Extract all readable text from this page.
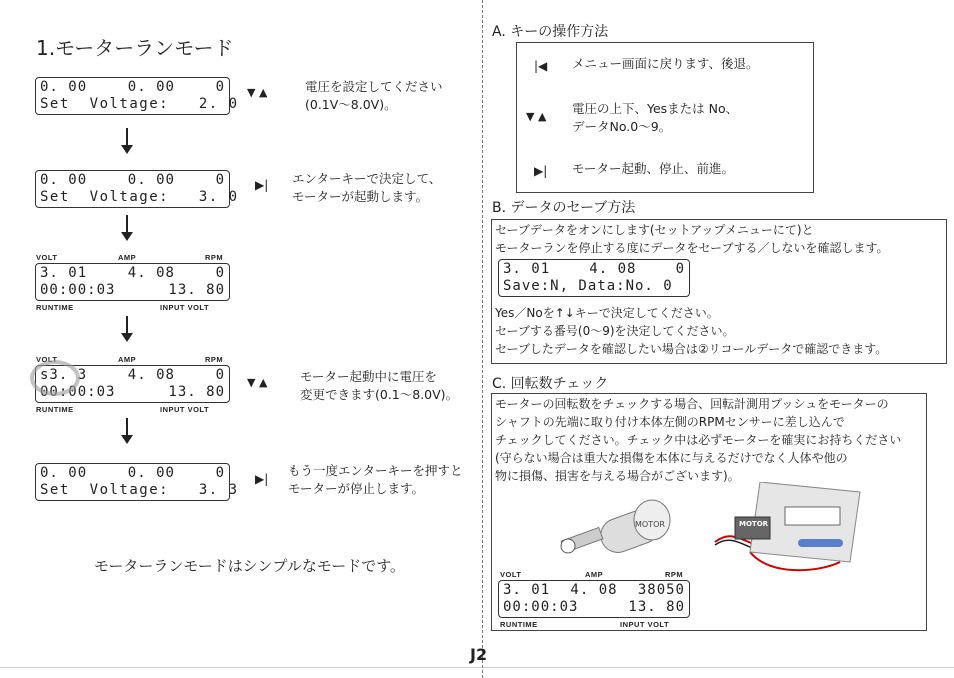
1.モーターランモード
0. 00	0. 00	0
Set  Voltage:   2. 0
▼ ▲	電圧を設定してください
(0.1V～8.0V)。
0. 00	0. 00	0
Set  Voltage:   3. 0
▶| エンターキーで決定して、
モーターが起動します。
VOLT	AMP	RPM
3. 01	4. 08	0
00:00:03	13. 80
RUNTIME	INPUT VOLT
VOLT	AMP	RPM
s3. 3	4. 08	0
00:00:03	13. 80
RUNTIME	INPUT VOLT
▼ ▲	モーター起動中に電圧を
変更できます(0.1～8.0V)。
0. 00	0. 00	0
Set  Voltage:   3. 3
▶|
もう一度エンターキーを押すと
モーターが停止します。
モーターランモードはシンプルなモードです。
A. キーの操作方法
|◀ メニュー画面に戻ります、後退。
▼ ▲
電圧の上下、Yesまたは No、
データNo.0～9。
▶| モーター起動、停止、前進。
B. データのセーブ方法
セーブデータをオンにします(セットアップメニューにて)と
モーターランを停止する度にデータをセーブする／しないを確認します。
3. 01	4. 08	0
Save:N, Data:No. 0
Yes／Noを↑↓キーで決定してください。
セーブする番号(0～9)を決定してください。
セーブしたデータを確認したい場合は②リコールデータで確認できます。
C. 回転数チェック
モーターの回転数をチェックする場合、回転計測用プッシュをモーターの
シャフトの先端に取り付け本体左側のRPMセンサーに差し込んで
チェックしてください。チェック中は必ずモーターを確実にお持ちください
(守らない場合は重大な損傷を本体に与えるだけでなく人体や他の
物に損傷、損害を与える場合がございます)。
MOTOR	MOTOR
VOLT	AMP	RPM
3. 01 4. 08 38050
00:00:03	13. 80
RUNTIME	INPUT VOLT
J2
